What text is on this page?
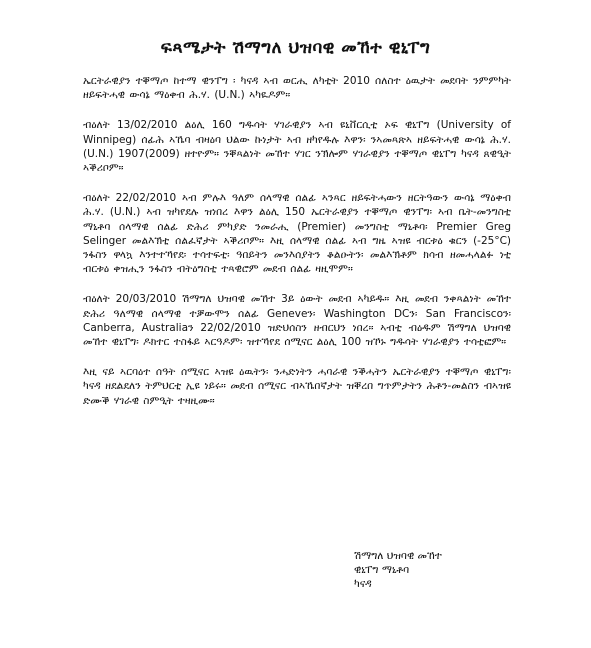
ፍጻሜታት ሽማግለ ህዝባዊ መኸተ ዊኒፐግ

ኤርትራዊያን ተቐማጦ ከተማ ዊንፐግ ፡ ካናዳ ኣብ ወርሒ ለካቲት 2010 ሰለስተ ዕዉታት መደባት ንምምካት ዘይፍትሓዊ ውሳኔ ማዕቀብ ሕ.ሃ. (U.N.) ኣካዪዶም።

ብዕለት 13/02/2010 ልዕሊ 160 ግዱሳት ሃገራዊያን ኣብ ዩኒቨርሲቲ ኦፍ ዊኒፐግ (University of Winnipeg) ሰፊሕ ኣኼባ ብዛዕባ ህልው ኩነታት ኣብ ዘካየዱሉ እዋን፡ ንኣመጻጽኣ ዘይፍትሓዊ ውሳኔ ሕ.ሃ. (U.N.) 1907(2009) ዘተዮም። ንቐጻልነት መኸተ ሃገር ንኽሎም ሃገራዊያን ተቐማጦ ዊኒፐግ ካናዳ ጸዊዒት ኣቕሪቦም።

ብዕለት 22/02/2010 ኣብ ምሉእ ዓለም ሰላማዊ ሰልፊ ኣንጻር ዘይፍትሓውን ዘርትዓውን ውሳኔ ማዕቀብ ሕ.ሃ. (U.N.) ኣብ ዝካየደሉ ዝነበረ እዋን ልዕሊ 150 ኤርትራዊያን ተቐማጦ ዊንፐግ፡ ኣብ ቤት-መንግስቲ ማኒቶባ ሰላማዊ ሰልፊ ድሕሪ ምካያድ ንመራሒ (Premier) መንግስቲ ማኒቶባ፡ Premier Greg Selinger መልእኽቲ ሰልፈኛታት ኣቕሪቦም። እዚ ሰላማዊ ሰልፊ ኣብ ግዜ ኣዝዩ ብርቱዕ ቁርን (-25°C) ንፋስን ዋላኳ እንተተኻየደ፡ ተሳተፍቲ፡ ዓበይትን መንእሰያትን ቆልዑትን፡ መልእኽቶም ክሳብ ዘመሓላልፉ ነቲ ብርቱዕ ቀዝሒን ንፋስን ብትዕግስቲ ተጻዊሮም መደብ ሰልፊ ዛዚሞም።

ብዕለት 20/03/2010 ሽማግለ ህዝባዊ መኸተ 3ይ ዕውት መደብ ኣካይዱ። እዚ መደብ ንቀጻልነት መኸተ ድሕሪ ዓለማዊ ሰላማዊ ተቓውሞን ሰልፊ Geneveን፡ Washington DCን፡ San Franciscoን፡ Canberra, Australiaን 22/02/2010 ዝድህሰስን ዘብርህን ነበረ። ኣብቲ ብዕዱም ሽማግለ ህዝባዊ መኸተ ዊኒፐግ፡ ዶክተር ተስፋይ ኣርዓዶም፡ ዝተኻየደ ሰሚናር ልዕሊ 100 ዝኾኑ ግዱሳት ሃገራዊያን ተሳቲፎም።

እዚ ናይ ኣርባዕተ ሰዓት ሰሚናር ኣዝዩ ዕዉትን፡ ንሓድነትን ሓባራዊ ንቕሓትን ኤርትራዊያን ተቐማጦ ዊኒፐግ፡ ካናዳ ዘደልደለን ትምህርቲ ኢዩ ነይሩ። መደብ ሰሚናር ብኣኼበኛታት ዝቐረበ ግጥምታትን ሕቶን-መልስን ብኣዝዩ ድሙቕ ሃገራዊ ስምዒት ተዛዚሙ።

ሽማግለ ህዝባዊ መኸተ
ዊኒፐግ ማኒቶባ
ካናዳ
